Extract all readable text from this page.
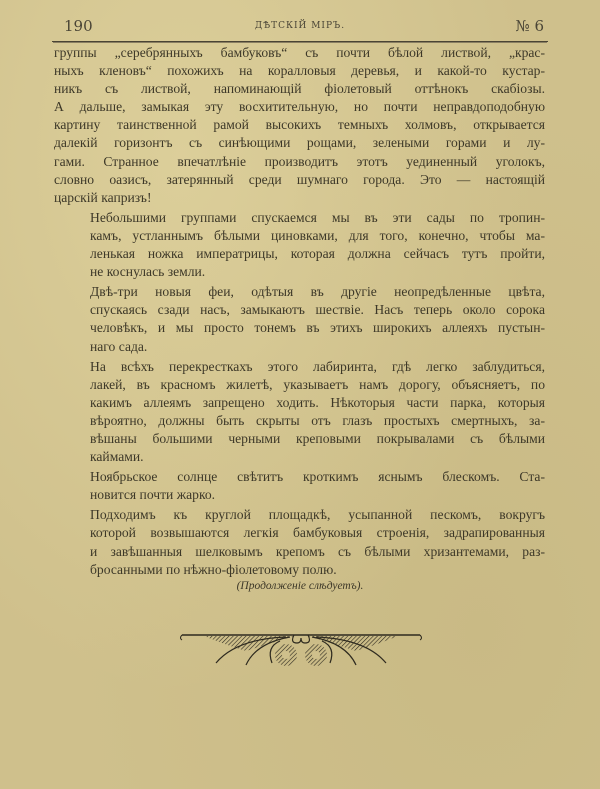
190	ДѢТСКІЙ МІРЪ.	№ 6

группы „серебрянныхъ бамбуковъ“ съ почти бѣлой листвой, „крас-
ныхъ кленовъ“ похожихъ на коралловыя деревья, и какой-то кустар-
никъ съ листвой, напоминающій фіолетовый оттѣнокъ скабіозы.
А дальше, замыкая эту восхитительную, но почти неправдоподобную
картину таинственной рамой высокихъ темныхъ холмовъ, открывается
далекій горизонтъ съ синѣющими рощами, зелеными горами и лу-
гами. Странное впечатлѣніе производитъ этотъ уединенный уголокъ,
словно оазисъ, затерянный среди шумнаго города. Это — настоящій
царскій капризъ!

Небольшими группами спускаемся мы въ эти сады по тропин-
камъ, устланнымъ бѣлыми циновками, для того, конечно, чтобы ма-
ленькая ножка императрицы, которая должна сейчасъ тутъ пройти,
не коснулась земли.

Двѣ-три новыя феи, одѣтыя въ другіе неопредѣленные цвѣта,
спускаясь сзади насъ, замыкаютъ шествіе. Насъ теперь около сорока
человѣкъ, и мы просто тонемъ въ этихъ широкихъ аллеяхъ пустын-
наго сада.

На всѣхъ перекресткахъ этого лабиринта, гдѣ легко заблудиться,
лакей, въ красномъ жилетѣ, указываетъ намъ дорогу, объясняетъ, по
какимъ аллеямъ запрещено ходить. Нѣкоторыя части парка, которыя
вѣроятно, должны быть скрыты отъ глазъ простыхъ смертныхъ, за-
вѣшаны большими черными креповыми покрывалами съ бѣлыми
каймами.

Ноябрьское солнце свѣтитъ кроткимъ яснымъ блескомъ. Ста-
новится почти жарко.

Подходимъ къ круглой площадкѣ, усыпанной пескомъ, вокругъ
которой возвышаются легкія бамбуковыя строенія, задрапированныя
и завѣшанныя шелковымъ крепомъ съ бѣлыми хризантемами, раз-
бросанными по нѣжно-фіолетовому полю.

(Продолженіе слѣдуетъ).
